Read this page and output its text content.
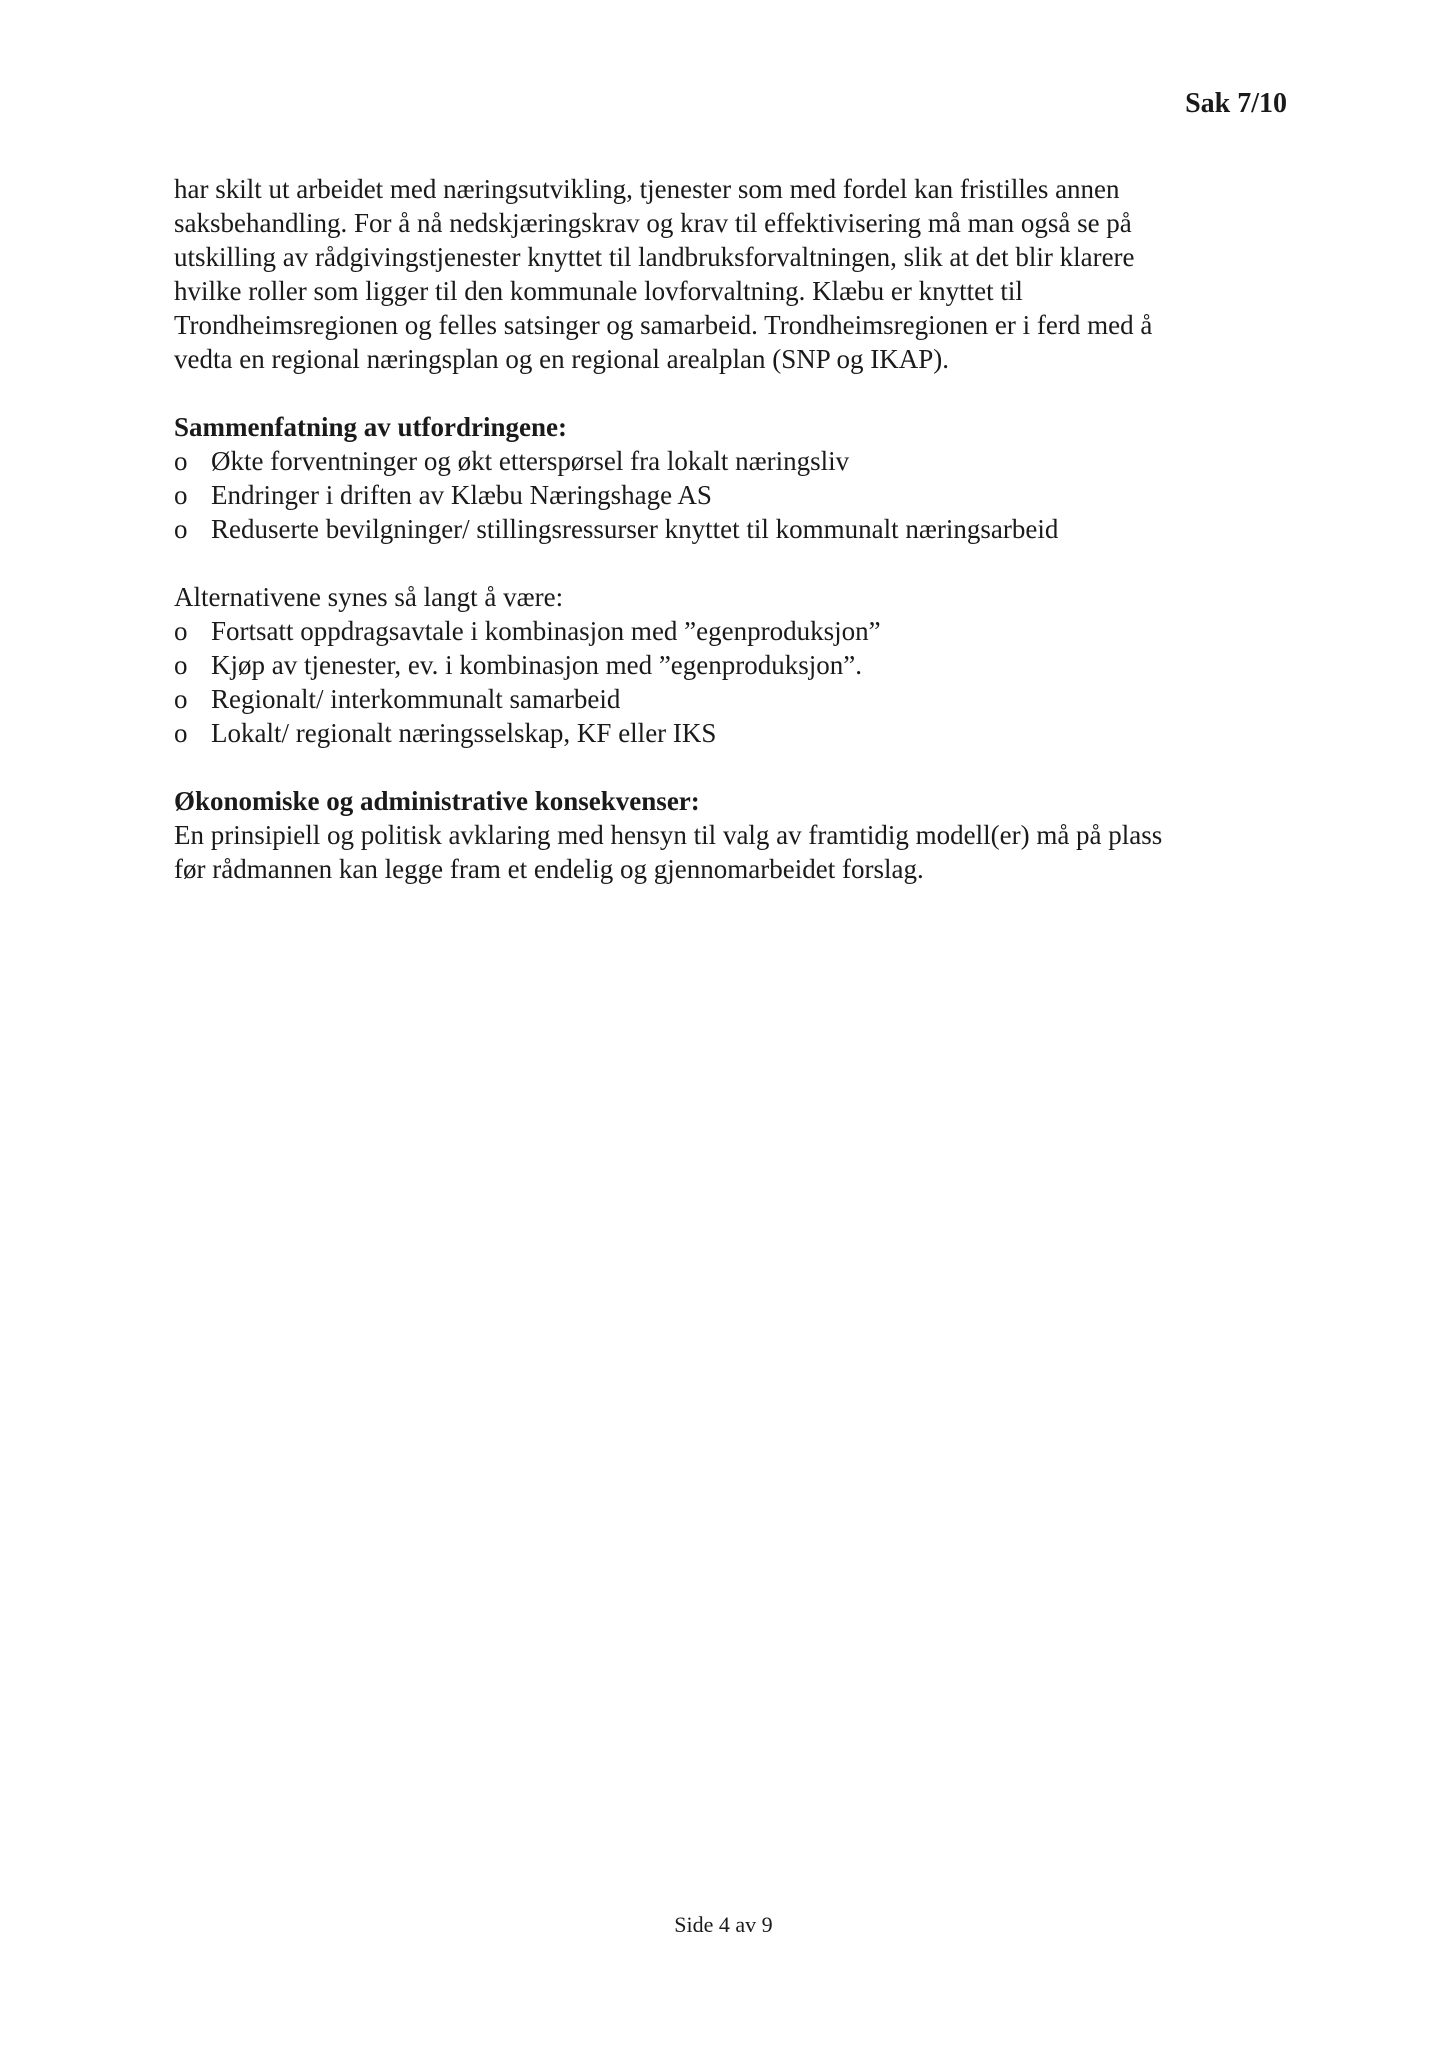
Sak 7/10

har skilt ut arbeidet med næringsutvikling, tjenester som med fordel kan fristilles annen
saksbehandling. For å nå nedskjæringskrav og krav til effektivisering må man også se på
utskilling av rådgivingstjenester knyttet til landbruksforvaltningen, slik at det blir klarere
hvilke roller som ligger til den kommunale lovforvaltning. Klæbu er knyttet til
Trondheimsregionen og felles satsinger og samarbeid. Trondheimsregionen er i ferd med å
vedta en regional næringsplan og en regional arealplan (SNP og IKAP).

Sammenfatning av utfordringene:

o Økte forventninger og økt etterspørsel fra lokalt næringsliv
o Endringer i driften av Klæbu Næringshage AS
o Reduserte bevilgninger/ stillingsressurser knyttet til kommunalt næringsarbeid

Alternativene synes så langt å være:

o Fortsatt oppdragsavtale i kombinasjon med ”egenproduksjon”
o Kjøp av tjenester, ev. i kombinasjon med ”egenproduksjon”.
o Regionalt/ interkommunalt samarbeid
o Lokalt/ regionalt næringsselskap, KF eller IKS

Økonomiske og administrative konsekvenser:

En prinsipiell og politisk avklaring med hensyn til valg av framtidig modell(er) må på plass
før rådmannen kan legge fram et endelig og gjennomarbeidet forslag.

Side 4 av 9
